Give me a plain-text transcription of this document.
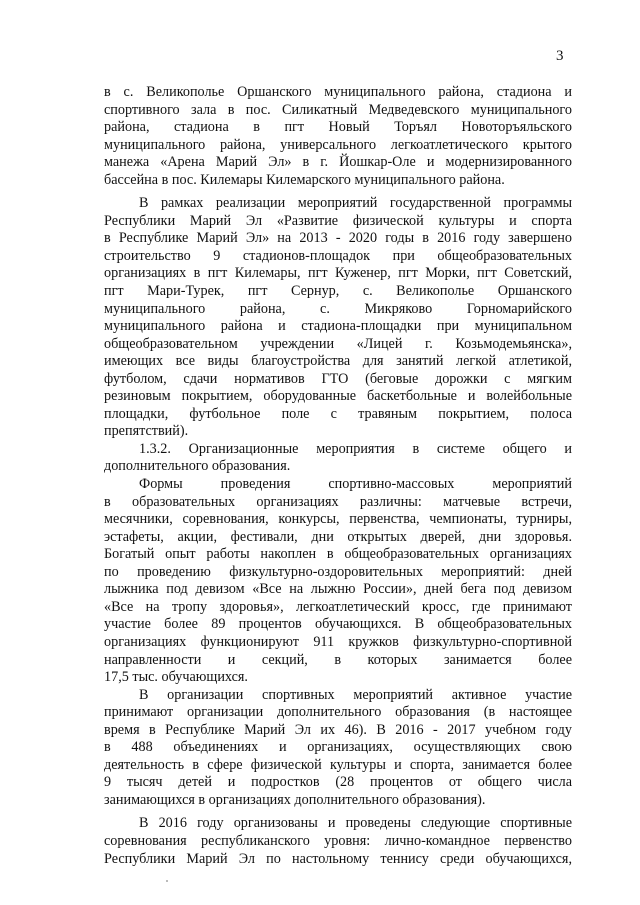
3
в с. Великополье Оршанского муниципального района, стадиона и
спортивного зала в пос. Силикатный Медведевского муниципального
района, стадиона в пгт Новый Торъял Новоторъяльского
муниципального района, универсального легкоатлетического крытого
манежа «Арена Марий Эл» в г. Йошкар-Оле и модернизированного
бассейна в пос. Килемары Килемарского муниципального района.
В рамках реализации мероприятий государственной программы
Республики Марий Эл «Развитие физической культуры и спорта
в Республике Марий Эл» на 2013 - 2020 годы в 2016 году завершено
строительство 9 стадионов-площадок при общеобразовательных
организациях в пгт Килемары, пгт Куженер, пгт Морки, пгт Советский,
пгт Мари-Турек, пгт Сернур, с. Великополье Оршанского
муниципального района, с. Микряково Горномарийского
муниципального района и стадиона-площадки при муниципальном
общеобразовательном учреждении «Лицей г. Козьмодемьянска»,
имеющих все виды благоустройства для занятий легкой атлетикой,
футболом, сдачи нормативов ГТО (беговые дорожки с мягким
резиновым покрытием, оборудованные баскетбольные и волейбольные
площадки, футбольное поле с травяным покрытием, полоса
препятствий).
1.3.2. Организационные мероприятия в системе общего и
дополнительного образования.
Формы проведения спортивно-массовых мероприятий
в образовательных организациях различны: матчевые встречи,
месячники, соревнования, конкурсы, первенства, чемпионаты, турниры,
эстафеты, акции, фестивали, дни открытых дверей, дни здоровья.
Богатый опыт работы накоплен в общеобразовательных организациях
по проведению физкультурно-оздоровительных мероприятий: дней
лыжника под девизом «Все на лыжню России», дней бега под девизом
«Все на тропу здоровья», легкоатлетический кросс, где принимают
участие более 89 процентов обучающихся. В общеобразовательных
организациях функционируют 911 кружков физкультурно-спортивной
направленности и секций, в которых занимается более
17,5 тыс. обучающихся.
В организации спортивных мероприятий активное участие
принимают организации дополнительного образования (в настоящее
время в Республике Марий Эл их 46). В 2016 - 2017 учебном году
в 488 объединениях и организациях, осуществляющих свою
деятельность в сфере физической культуры и спорта, занимается более
9 тысяч детей и подростков (28 процентов от общего числа
занимающихся в организациях дополнительного образования).
В 2016 году организованы и проведены следующие спортивные
соревнования республиканского уровня: лично-командное первенство
Республики Марий Эл по настольному теннису среди обучающихся,
